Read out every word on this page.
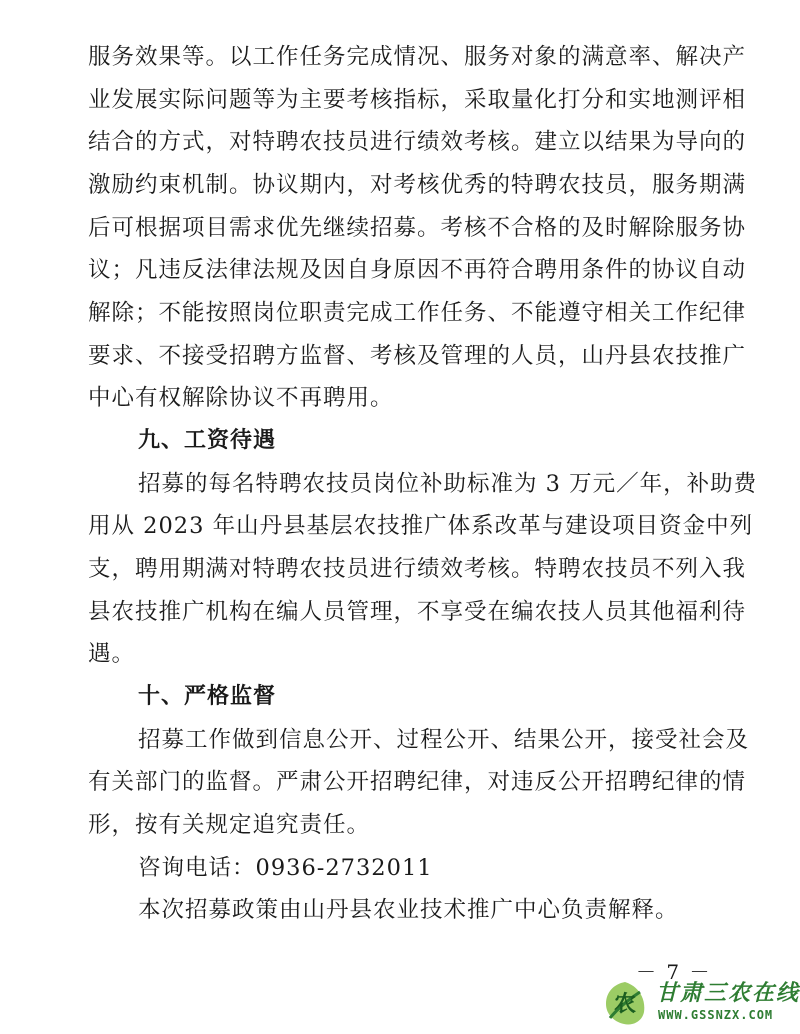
服务效果等。以工作任务完成情况、服务对象的满意率、解决产
业发展实际问题等为主要考核指标，采取量化打分和实地测评相
结合的方式，对特聘农技员进行绩效考核。建立以结果为导向的
激励约束机制。协议期内，对考核优秀的特聘农技员，服务期满
后可根据项目需求优先继续招募。考核不合格的及时解除服务协
议；凡违反法律法规及因自身原因不再符合聘用条件的协议自动
解除；不能按照岗位职责完成工作任务、不能遵守相关工作纪律
要求、不接受招聘方监督、考核及管理的人员，山丹县农技推广
中心有权解除协议不再聘用。
九、工资待遇
招募的每名特聘农技员岗位补助标准为 3 万元／年，补助费
用从 2023 年山丹县基层农技推广体系改革与建设项目资金中列
支，聘用期满对特聘农技员进行绩效考核。特聘农技员不列入我
县农技推广机构在编人员管理，不享受在编农技人员其他福利待
遇。
十、严格监督
招募工作做到信息公开、过程公开、结果公开，接受社会及
有关部门的监督。严肃公开招聘纪律，对违反公开招聘纪律的情
形，按有关规定追究责任。
咨询电话：0936-2732011
本次招募政策由山丹县农业技术推广中心负责解释。
－ 7 －
农 甘肃三农在线
WWW.GSSNZX.COM
